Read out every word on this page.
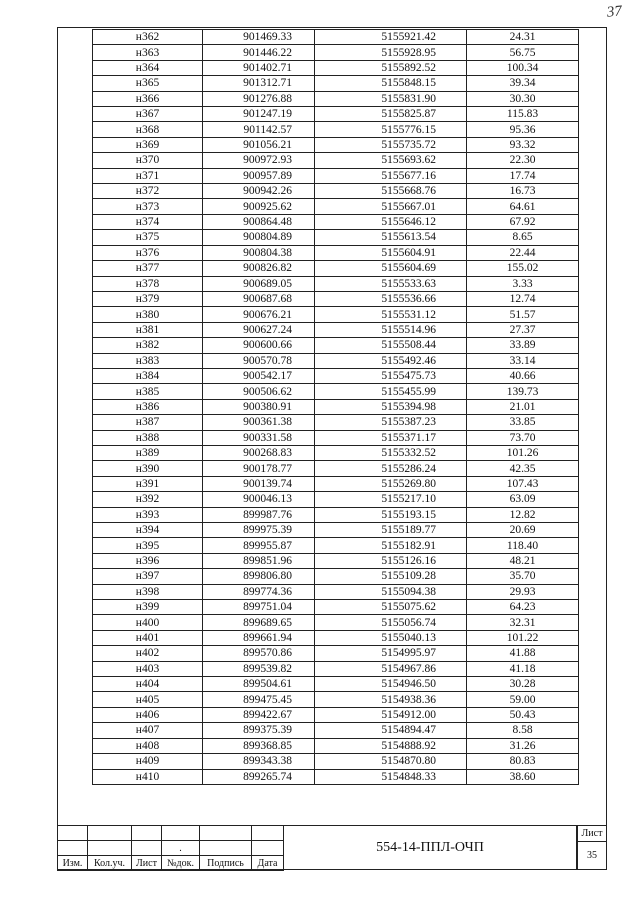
37
н362	901469.33	5155921.42	24.31
н363	901446.22	5155928.95	56.75
н364	901402.71	5155892.52	100.34
н365	901312.71	5155848.15	39.34
н366	901276.88	5155831.90	30.30
н367	901247.19	5155825.87	115.83
н368	901142.57	5155776.15	95.36
н369	901056.21	5155735.72	93.32
н370	900972.93	5155693.62	22.30
н371	900957.89	5155677.16	17.74
н372	900942.26	5155668.76	16.73
н373	900925.62	5155667.01	64.61
н374	900864.48	5155646.12	67.92
н375	900804.89	5155613.54	8.65
н376	900804.38	5155604.91	22.44
н377	900826.82	5155604.69	155.02
н378	900689.05	5155533.63	3.33
н379	900687.68	5155536.66	12.74
н380	900676.21	5155531.12	51.57
н381	900627.24	5155514.96	27.37
н382	900600.66	5155508.44	33.89
н383	900570.78	5155492.46	33.14
н384	900542.17	5155475.73	40.66
н385	900506.62	5155455.99	139.73
н386	900380.91	5155394.98	21.01
н387	900361.38	5155387.23	33.85
н388	900331.58	5155371.17	73.70
н389	900268.83	5155332.52	101.26
н390	900178.77	5155286.24	42.35
н391	900139.74	5155269.80	107.43
н392	900046.13	5155217.10	63.09
н393	899987.76	5155193.15	12.82
н394	899975.39	5155189.77	20.69
н395	899955.87	5155182.91	118.40
н396	899851.96	5155126.16	48.21
н397	899806.80	5155109.28	35.70
н398	899774.36	5155094.38	29.93
н399	899751.04	5155075.62	64.23
н400	899689.65	5155056.74	32.31
н401	899661.94	5155040.13	101.22
н402	899570.86	5154995.97	41.88
н403	899539.82	5154967.86	41.18
н404	899504.61	5154946.50	30.28
н405	899475.45	5154938.36	59.00
н406	899422.67	5154912.00	50.43
н407	899375.39	5154894.47	8.58
н408	899368.85	5154888.92	31.26
н409	899343.38	5154870.80	80.83
н410	899265.74	5154848.33	38.60

			.		
Изм.	Кол.уч.	Лист	№док.	Подпись	Дата
554-14-ППЛ-ОЧП
Лист
35
